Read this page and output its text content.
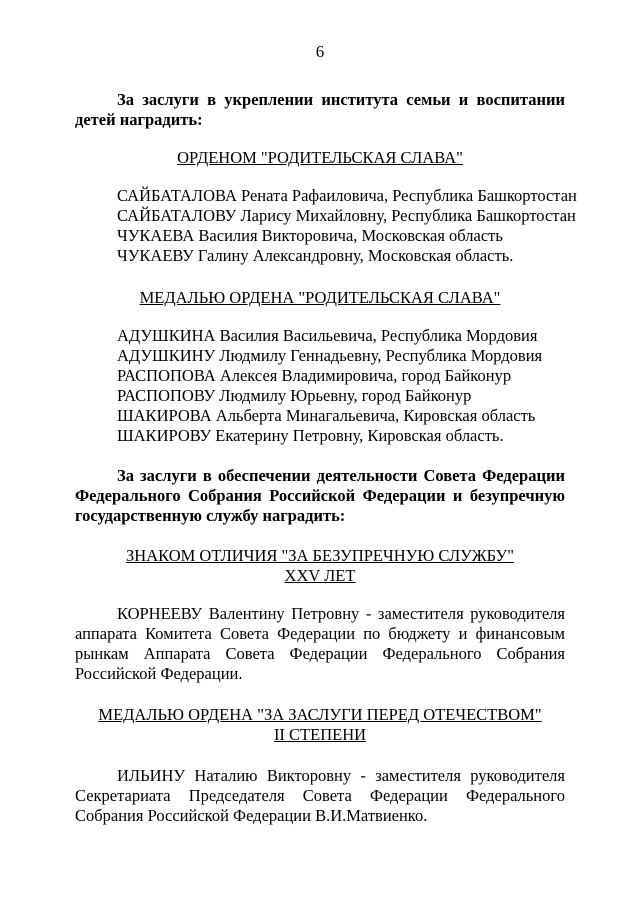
6
За заслуги в укреплении института семьи и воспитании
детей наградить:
ОРДЕНОМ "РОДИТЕЛЬСКАЯ СЛАВА"
САЙБАТАЛОВА Рената Рафаиловича, Республика Башкортостан
САЙБАТАЛОВУ Ларису Михайловну, Республика Башкортостан
ЧУКАЕВА Василия Викторовича, Московская область
ЧУКАЕВУ Галину Александровну, Московская область.
МЕДАЛЬЮ ОРДЕНА "РОДИТЕЛЬСКАЯ СЛАВА"
АДУШКИНА Василия Васильевича, Республика Мордовия
АДУШКИНУ Людмилу Геннадьевну, Республика Мордовия
РАСПОПОВА Алексея Владимировича, город Байконур
РАСПОПОВУ Людмилу Юрьевну, город Байконур
ШАКИРОВА Альберта Минагальевича, Кировская область
ШАКИРОВУ Екатерину Петровну, Кировская область.
За заслуги в обеспечении деятельности Совета Федерации
Федерального Собрания Российской Федерации и безупречную
государственную службу наградить:
ЗНАКОМ ОТЛИЧИЯ "ЗА БЕЗУПРЕЧНУЮ СЛУЖБУ"
XXV ЛЕТ
КОРНЕЕВУ Валентину Петровну - заместителя руководителя аппарата Комитета Совета Федерации по бюджету и финансовым рынкам Аппарата Совета Федерации Федерального Собрания Российской Федерации.
МЕДАЛЬЮ ОРДЕНА "ЗА ЗАСЛУГИ ПЕРЕД ОТЕЧЕСТВОМ"
II СТЕПЕНИ
ИЛЬИНУ Наталию Викторовну - заместителя руководителя Секретариата Председателя Совета Федерации Федерального Собрания Российской Федерации В.И.Матвиенко.
